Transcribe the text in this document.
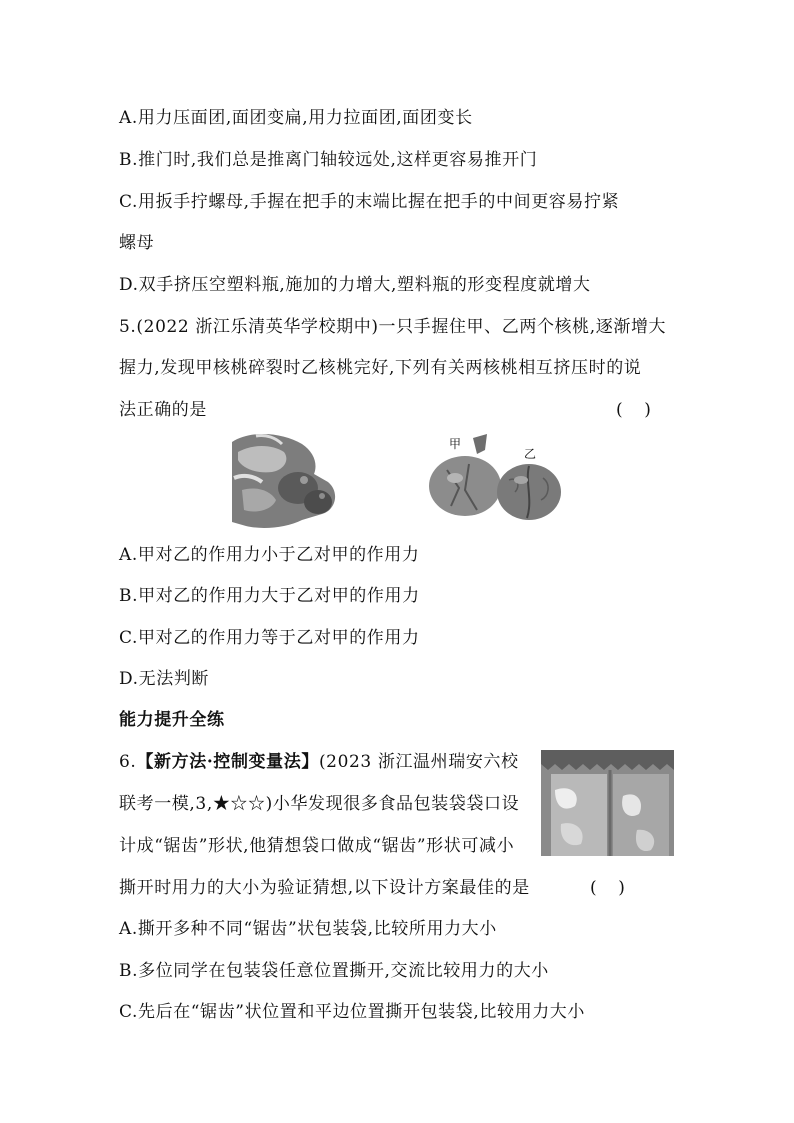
A.用力压面团,面团变扁,用力拉面团,面团变长
B.推门时,我们总是推离门轴较远处,这样更容易推开门
C.用扳手拧螺母,手握在把手的末端比握在把手的中间更容易拧紧
螺母
D.双手挤压空塑料瓶,施加的力增大,塑料瓶的形变程度就增大
5.(2022 浙江乐清英华学校期中)一只手握住甲、乙两个核桃,逐渐增大
握力,发现甲核桃碎裂时乙核桃完好,下列有关两核桃相互挤压时的说
法正确的是	(    )
甲
乙
A.甲对乙的作用力小于乙对甲的作用力
B.甲对乙的作用力大于乙对甲的作用力
C.甲对乙的作用力等于乙对甲的作用力
D.无法判断
能力提升全练
6.【新方法·控制变量法】(2023 浙江温州瑞安六校
联考一模,3,★☆☆)小华发现很多食品包装袋袋口设
计成“锯齿”形状,他猜想袋口做成“锯齿”形状可减小
撕开时用力的大小为验证猜想,以下设计方案最佳的是	(    )
A.撕开多种不同“锯齿”状包装袋,比较所用力大小
B.多位同学在包装袋任意位置撕开,交流比较用力的大小
C.先后在“锯齿”状位置和平边位置撕开包装袋,比较用力大小
